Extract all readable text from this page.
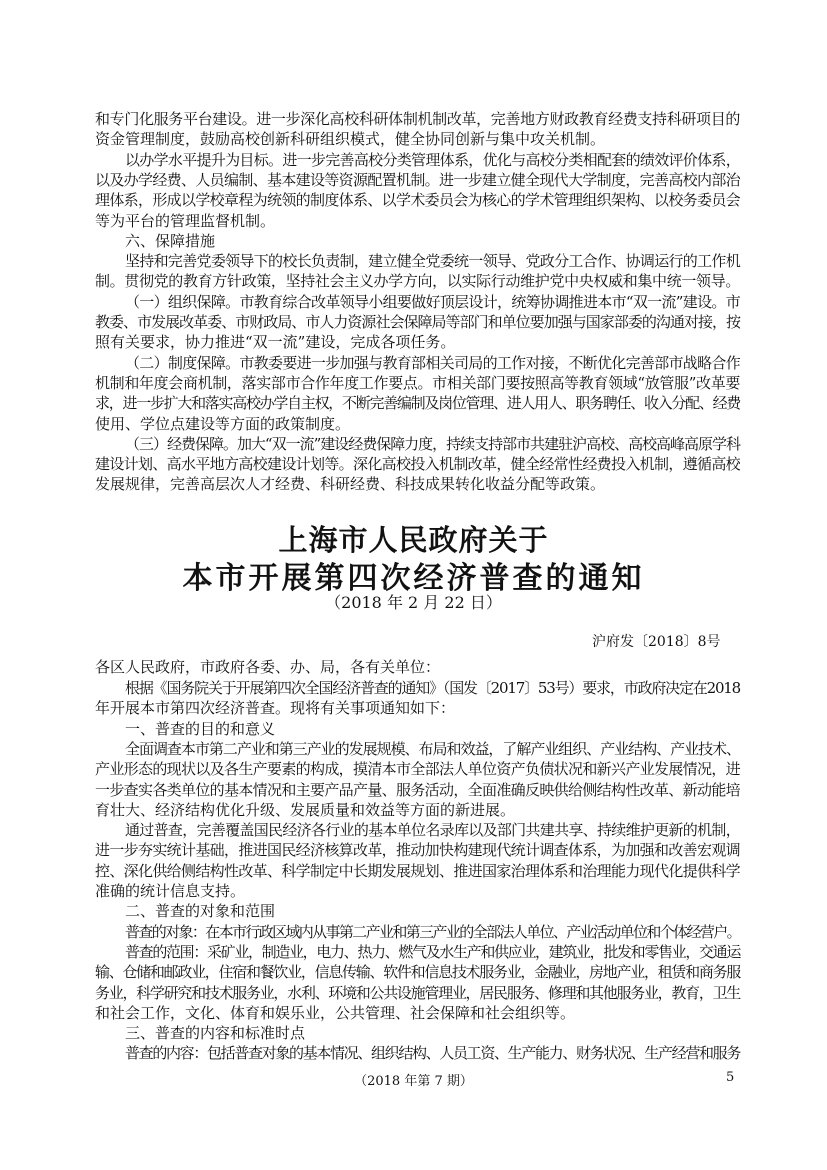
和专门化服务平台建设。进一步深化高校科研体制机制改革，完善地方财政教育经费支持科研项目的
资金管理制度，鼓励高校创新科研组织模式，健全协同创新与集中攻关机制。
以办学水平提升为目标。进一步完善高校分类管理体系，优化与高校分类相配套的绩效评价体系，
以及办学经费、人员编制、基本建设等资源配置机制。进一步建立健全现代大学制度，完善高校内部治
理体系，形成以学校章程为统领的制度体系、以学术委员会为核心的学术管理组织架构、以校务委员会
等为平台的管理监督机制。
六、保障措施
坚持和完善党委领导下的校长负责制，建立健全党委统一领导、党政分工合作、协调运行的工作机
制。贯彻党的教育方针政策，坚持社会主义办学方向，以实际行动维护党中央权威和集中统一领导。
（一）组织保障。市教育综合改革领导小组要做好顶层设计，统筹协调推进本市“双一流”建设。市
教委、市发展改革委、市财政局、市人力资源社会保障局等部门和单位要加强与国家部委的沟通对接，按
照有关要求，协力推进“双一流”建设，完成各项任务。
（二）制度保障。市教委要进一步加强与教育部相关司局的工作对接，不断优化完善部市战略合作
机制和年度会商机制，落实部市合作年度工作要点。市相关部门要按照高等教育领域“放管服”改革要
求，进一步扩大和落实高校办学自主权，不断完善编制及岗位管理、进人用人、职务聘任、收入分配、经费
使用、学位点建设等方面的政策制度。
（三）经费保障。加大“双一流”建设经费保障力度，持续支持部市共建驻沪高校、高校高峰高原学科
建设计划、高水平地方高校建设计划等。深化高校投入机制改革，健全经常性经费投入机制，遵循高校
发展规律，完善高层次人才经费、科研经费、科技成果转化收益分配等政策。
上海市人民政府关于
本市开展第四次经济普查的通知
（2018 年 2 月 22 日）
沪府发〔2018〕8号
各区人民政府，市政府各委、办、局，各有关单位：
根据《国务院关于开展第四次全国经济普查的通知》（国发〔2017〕53号）要求，市政府决定在2018
年开展本市第四次经济普查。现将有关事项通知如下：
一、普查的目的和意义
全面调查本市第二产业和第三产业的发展规模、布局和效益，了解产业组织、产业结构、产业技术、
产业形态的现状以及各生产要素的构成，摸清本市全部法人单位资产负债状况和新兴产业发展情况，进
一步查实各类单位的基本情况和主要产品产量、服务活动，全面准确反映供给侧结构性改革、新动能培
育壮大、经济结构优化升级、发展质量和效益等方面的新进展。
通过普查，完善覆盖国民经济各行业的基本单位名录库以及部门共建共享、持续维护更新的机制，
进一步夯实统计基础，推进国民经济核算改革，推动加快构建现代统计调查体系，为加强和改善宏观调
控、深化供给侧结构性改革、科学制定中长期发展规划、推进国家治理体系和治理能力现代化提供科学
准确的统计信息支持。
二、普查的对象和范围
普查的对象：在本市行政区域内从事第二产业和第三产业的全部法人单位、产业活动单位和个体经营户。
普查的范围：采矿业，制造业，电力、热力、燃气及水生产和供应业，建筑业，批发和零售业，交通运
输、仓储和邮政业，住宿和餐饮业，信息传输、软件和信息技术服务业，金融业，房地产业，租赁和商务服
务业，科学研究和技术服务业，水利、环境和公共设施管理业，居民服务、修理和其他服务业，教育，卫生
和社会工作，文化、体育和娱乐业，公共管理、社会保障和社会组织等。
三、普查的内容和标准时点
普查的内容：包括普查对象的基本情况、组织结构、人员工资、生产能力、财务状况、生产经营和服务
（2018 年第 7 期）	5
